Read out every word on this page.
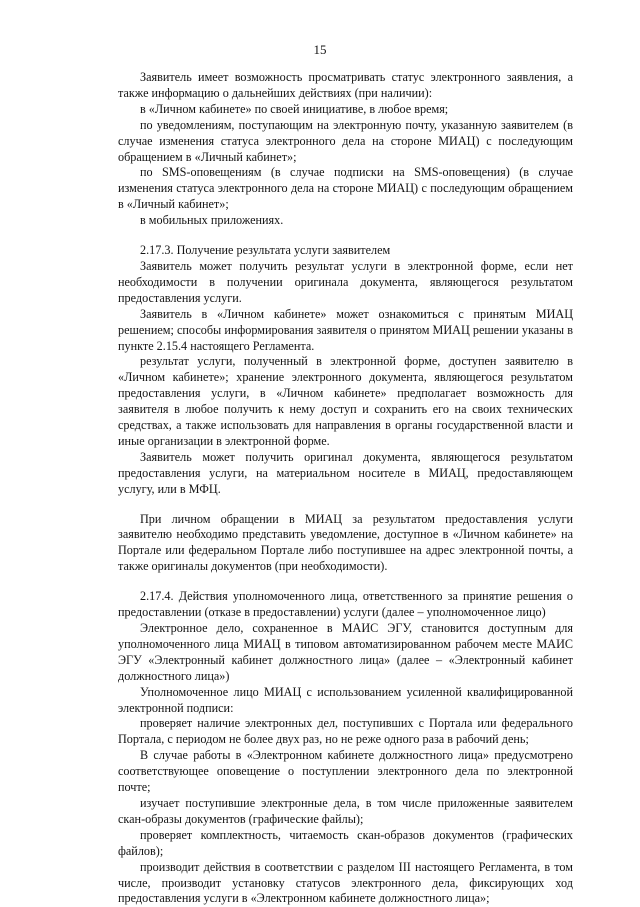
15

Заявитель имеет возможность просматривать статус электронного заявления, а также информацию о дальнейших действиях (при наличии):

в «Личном кабинете» по своей инициативе, в любое время;

по уведомлениям, поступающим на электронную почту, указанную заявителем (в случае изменения статуса электронного дела на стороне МИАЦ) с последующим обращением в «Личный кабинет»;

по SMS-оповещениям (в случае подписки на SMS-оповещения) (в случае изменения статуса электронного дела на стороне МИАЦ) с последующим обращением в «Личный кабинет»;

в мобильных приложениях.

2.17.3. Получение результата услуги заявителем

Заявитель может получить результат услуги в электронной форме, если нет необходимости в получении оригинала документа, являющегося результатом предоставления услуги.

Заявитель в «Личном кабинете» может ознакомиться с принятым МИАЦ решением; способы информирования заявителя о принятом МИАЦ решении указаны в пункте 2.15.4 настоящего Регламента.

результат услуги, полученный в электронной форме, доступен заявителю в «Личном кабинете»; хранение электронного документа, являющегося результатом предоставления услуги, в «Личном кабинете» предполагает возможность для заявителя в любое получить к нему доступ и сохранить его на своих технических средствах, а также использовать для направления в органы государственной власти и иные организации в электронной форме.

Заявитель может получить оригинал документа, являющегося результатом предоставления услуги, на материальном носителе в МИАЦ, предоставляющем услугу, или в МФЦ.

При личном обращении в МИАЦ за результатом предоставления услуги заявителю необходимо представить уведомление, доступное в «Личном кабинете» на Портале или федеральном Портале либо поступившее на адрес электронной почты, а также оригиналы документов (при необходимости).

2.17.4. Действия уполномоченного лица, ответственного за принятие решения о предоставлении (отказе в предоставлении) услуги (далее – уполномоченное лицо)

Электронное дело, сохраненное в МАИС ЭГУ, становится доступным для уполномоченного лица МИАЦ в типовом автоматизированном рабочем месте МАИС ЭГУ «Электронный кабинет должностного лица» (далее – «Электронный кабинет должностного лица»)

Уполномоченное лицо МИАЦ с использованием усиленной квалифицированной электронной подписи:

проверяет наличие электронных дел, поступивших с Портала или федерального Портала, с периодом не более двух раз, но не реже одного раза в рабочий день;

В случае работы в «Электронном кабинете должностного лица» предусмотрено соответствующее оповещение о поступлении электронного дела по электронной почте;

изучает поступившие электронные дела, в том числе приложенные заявителем скан-образы документов (графические файлы);

проверяет комплектность, читаемость скан-образов документов (графических файлов);

производит действия в соответствии с разделом III настоящего Регламента, в том числе, производит установку статусов электронного дела, фиксирующих ход предоставления услуги в «Электронном кабинете должностного лица»;
